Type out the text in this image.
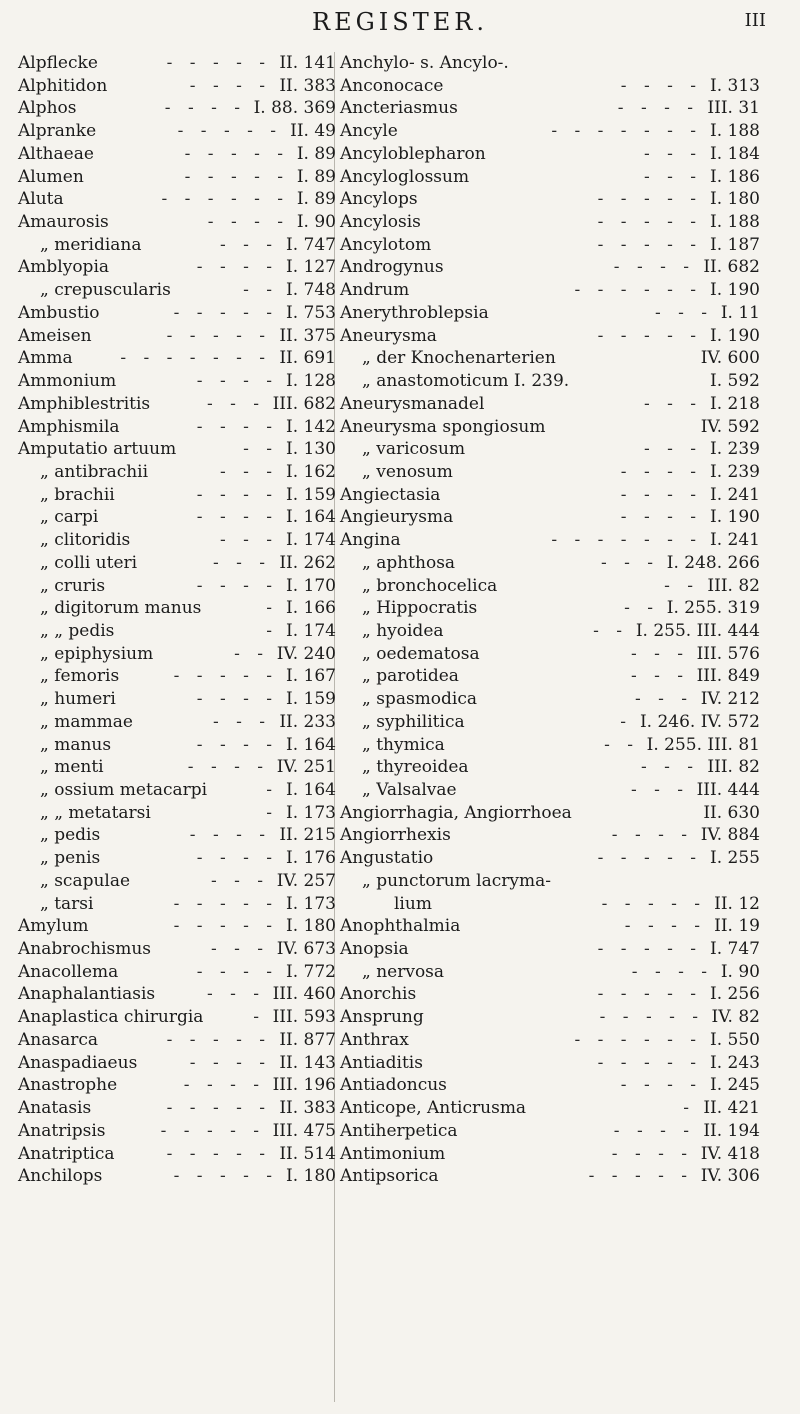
REGISTER.	III
Alpflecke	- - - - - II. 141
Alphitidon	- - - - II. 383
Alphos	- - - - I. 88. 369
Alpranke	- - - - - II. 49
Althaeae	- - - - - I. 89
Alumen	- - - - - I. 89
Aluta	- - - - - - I. 89
Amaurosis	- - - - I. 90
„ meridiana	- - - I. 747
Amblyopia	- - - - I. 127
„ crepuscularis	- - I. 748
Ambustio	- - - - - I. 753
Ameisen	- - - - - II. 375
Amma	- - - - - - - II. 691
Ammonium	- - - - I. 128
Amphiblestritis	- - - III. 682
Amphismila	- - - - I. 142
Amputatio artuum	- - I. 130
„ antibrachii	- - - I. 162
„ brachii	- - - - I. 159
„ carpi	- - - - I. 164
„ clitoridis	- - - I. 174
„ colli uteri	- - - II. 262
„ cruris	- - - - I. 170
„ digitorum manus	- I. 166
„ „ pedis	- I. 174
„ epiphysium	- - IV. 240
„ femoris	- - - - - I. 167
„ humeri	- - - - I. 159
„ mammae	- - - II. 233
„ manus	- - - - I. 164
„ menti	- - - - IV. 251
„ ossium metacarpi	- I. 164
„ „ metatarsi	- I. 173
„ pedis	- - - - II. 215
„ penis	- - - - I. 176
„ scapulae	- - - IV. 257
„ tarsi	- - - - - I. 173
Amylum	- - - - - I. 180
Anabrochismus	- - - IV. 673
Anacollema	- - - - I. 772
Anaphalantiasis	- - - III. 460
Anaplastica chirurgia	- III. 593
Anasarca	- - - - - II. 877
Anaspadiaeus	- - - - II. 143
Anastrophe	- - - - III. 196
Anatasis	- - - - - II. 383
Anatripsis	- - - - - III. 475
Anatriptica	- - - - - II. 514
Anchilops	- - - - - I. 180
Anchylo- s. Ancylo-.
Anconocace	- - - - I. 313
Ancteriasmus	- - - - III. 31
Ancyle	- - - - - - - I. 188
Ancyloblepharon	- - - I. 184
Ancyloglossum	- - - I. 186
Ancylops	- - - - - I. 180
Ancylosis	- - - - - I. 188
Ancylotom	- - - - - I. 187
Androgynus	- - - - II. 682
Andrum	- - - - - - I. 190
Anerythroblepsia	- - - I. 11
Aneurysma	- - - - - I. 190
„ der Knochenarterien	IV. 600
„ anastomoticum I. 239.	I. 592
Aneurysmanadel	- - - I. 218
Aneurysma spongiosum	IV. 592
„ varicosum	- - - I. 239
„ venosum	- - - - I. 239
Angiectasia	- - - - I. 241
Angieurysma	- - - - I. 190
Angina	- - - - - - - I. 241
„ aphthosa	- - - I. 248. 266
„ bronchocelica	- - III. 82
„ Hippocratis	- - I. 255. 319
„ hyoidea	- - I. 255. III. 444
„ oedematosa	- - - III. 576
„ parotidea	- - - III. 849
„ spasmodica	- - - IV. 212
„ syphilitica	- I. 246. IV. 572
„ thymica	- - I. 255. III. 81
„ thyreoidea	- - - III. 82
„ Valsalvae	- - - III. 444
Angiorrhagia, Angiorrhoea	II. 630
Angiorrhexis	- - - - IV. 884
Angustatio	- - - - - I. 255
„ punctorum lacryma-
lium	- - - - - II. 12
Anophthalmia	- - - - II. 19
Anopsia	- - - - - I. 747
„ nervosa	- - - - I. 90
Anorchis	- - - - - I. 256
Ansprung	- - - - - IV. 82
Anthrax	- - - - - - I. 550
Antiaditis	- - - - - I. 243
Antiadoncus	- - - - I. 245
Anticope, Anticrusma	- II. 421
Antiherpetica	- - - - II. 194
Antimonium	- - - - IV. 418
Antipsorica	- - - - - IV. 306
